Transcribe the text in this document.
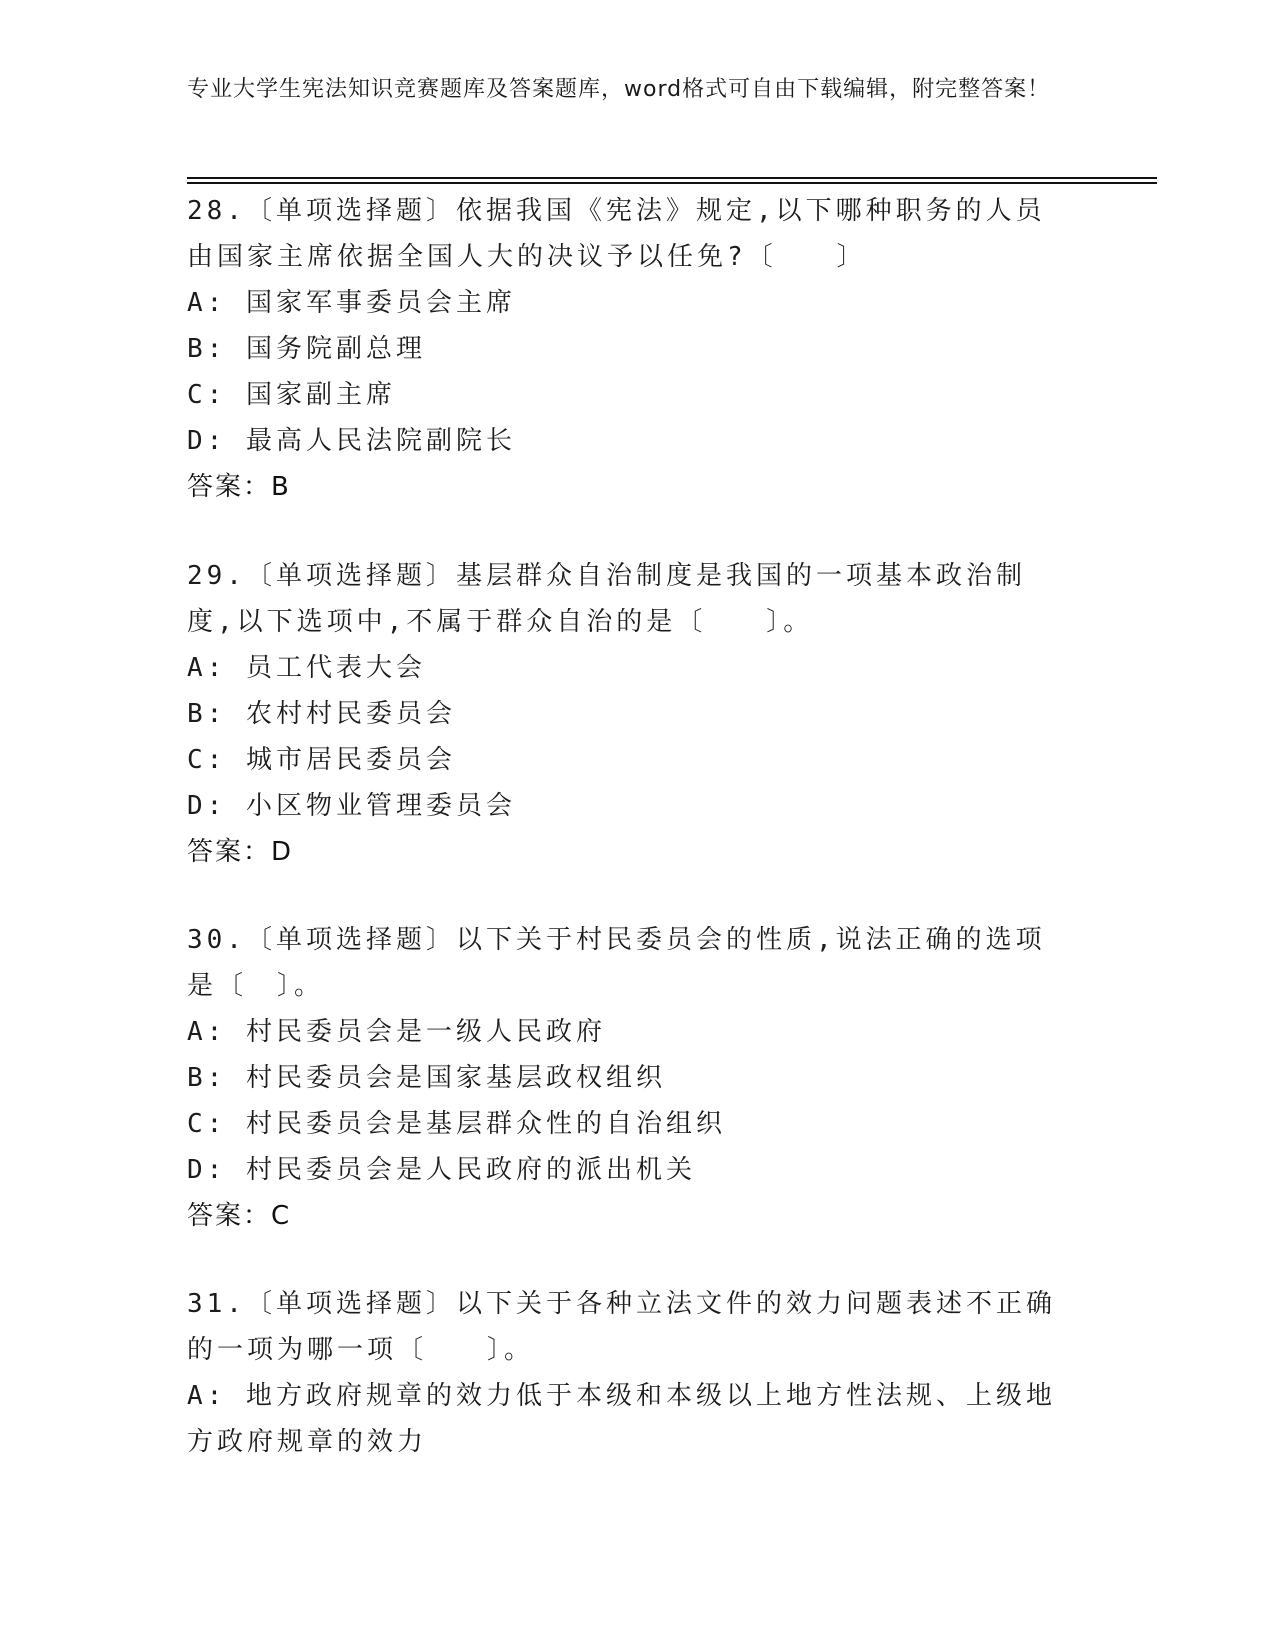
专业大学生宪法知识竞赛题库及答案题库，word格式可自由下载编辑，附完整答案！

28.〔单项选择题〕依据我国《宪法》规定,以下哪种职务的人员由国家主席依据全国人大的决议予以任免?〔　　〕

A: 国家军事委员会主席

B: 国务院副总理

C: 国家副主席

D: 最高人民法院副院长

答案：B

29.〔单项选择题〕基层群众自治制度是我国的一项基本政治制度,以下选项中,不属于群众自治的是〔　　〕。

A: 员工代表大会

B: 农村村民委员会

C: 城市居民委员会

D: 小区物业管理委员会

答案：D

30.〔单项选择题〕以下关于村民委员会的性质,说法正确的选项是〔　〕。

A: 村民委员会是一级人民政府

B: 村民委员会是国家基层政权组织

C: 村民委员会是基层群众性的自治组织

D: 村民委员会是人民政府的派出机关

答案：C

31.〔单项选择题〕以下关于各种立法文件的效力问题表述不正确的一项为哪一项〔　　〕。

A: 地方政府规章的效力低于本级和本级以上地方性法规、上级地方政府规章的效力
